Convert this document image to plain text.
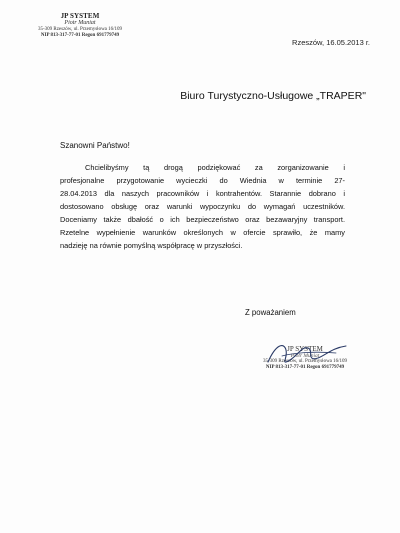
JP SYSTEM
Piotr Muniat
35-309 Rzeszów, ul. Przemysłowa 16/109
NIP 813-317-77-01 Regon 691779749
Rzeszów, 16.05.2013 r.
Biuro Turystyczno-Usługowe „TRAPER"
Szanowni Państwo!
Chcielibyśmy tą drogą podziękować za zorganizowanie i
profesjonalne przygotowanie wycieczki do Wiednia w terminie 27-
28.04.2013 dla naszych pracowników i kontrahentów. Starannie dobrano i
dostosowano obsługę oraz warunki wypoczynku do wymagań uczestników.
Doceniamy także dbałość o ich bezpieczeństwo oraz bezawaryjny transport.
Rzetelne wypełnienie warunków określonych w ofercie sprawiło, że mamy
nadzieję na równie pomyślną współpracę w przyszłości.
Z poważaniem
JP SYSTEM
Piotr Muniat
35-309 Rzeszów, ul. Przemysłowa 16/109
NIP 813-317-77-01 Regon 691779749
